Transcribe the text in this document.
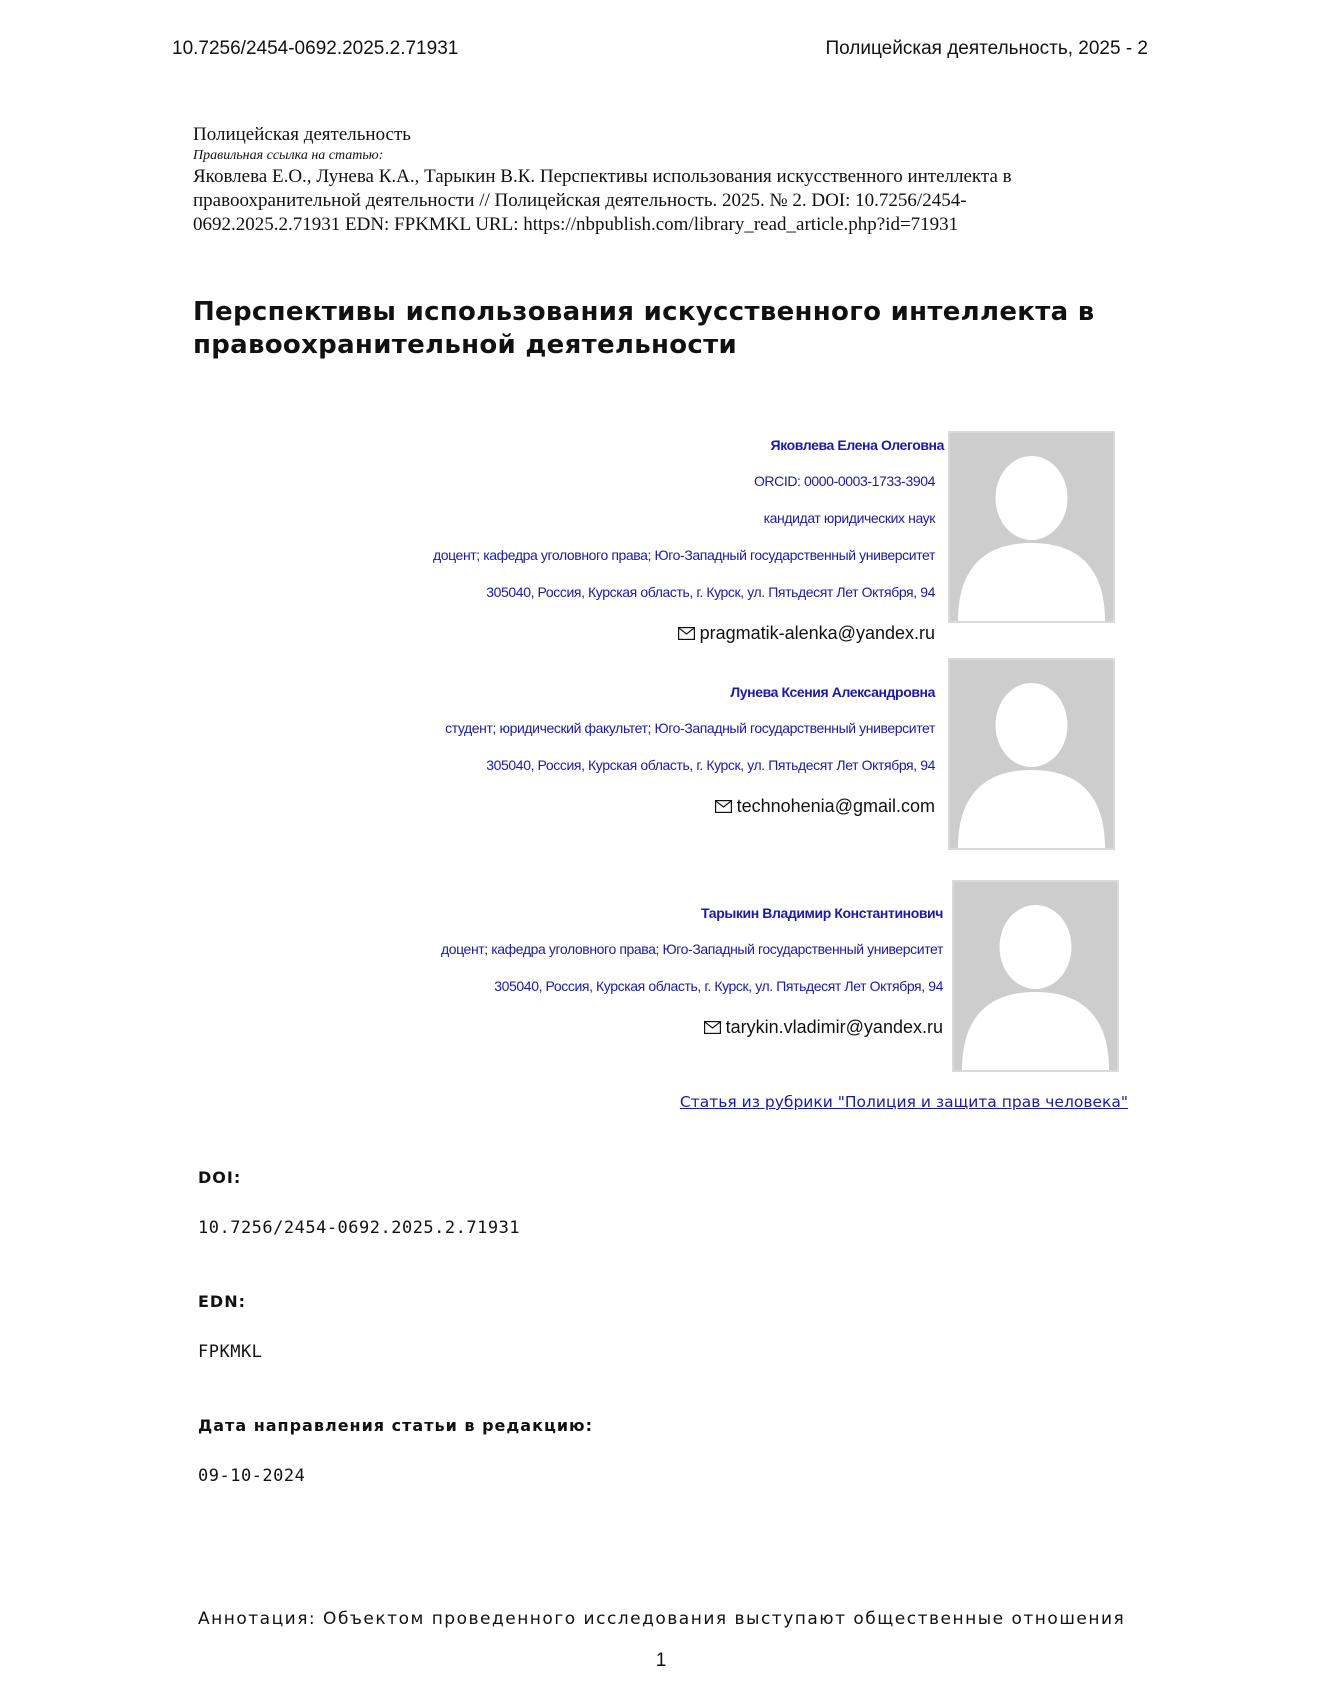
10.7256/2454-0692.2025.2.71931	Полицейская деятельность, 2025 - 2
Полицейская деятельность
Правильная ссылка на статью:
Яковлева Е.О., Лунева К.А., Тарыкин В.К. Перспективы использования искусственного интеллекта в правоохранительной деятельности // Полицейская деятельность. 2025. № 2. DOI: 10.7256/2454-0692.2025.2.71931 EDN: FPKMKL URL: https://nbpublish.com/library_read_article.php?id=71931
Перспективы использования искусственного интеллекта в правоохранительной деятельности
Яковлева Елена Олеговна
ORCID: 0000-0003-1733-3904
кандидат юридических наук
доцент; кафедра уголовного права; Юго-Западный государственный университет
305040, Россия, Курская область, г. Курск, ул. Пятьдесят Лет Октября, 94
pragmatik-alenka@yandex.ru
Лунева Ксения Александровна
студент; юридический факультет; Юго-Западный государственный университет
305040, Россия, Курская область, г. Курск, ул. Пятьдесят Лет Октября, 94
technohenia@gmail.com
Тарыкин Владимир Константинович
доцент; кафедра уголовного права; Юго-Западный государственный университет
305040, Россия, Курская область, г. Курск, ул. Пятьдесят Лет Октября, 94
tarykin.vladimir@yandex.ru
Статья из рубрики "Полиция и защита прав человека"
DOI:
10.7256/2454-0692.2025.2.71931
EDN:
FPKMKL
Дата направления статьи в редакцию:
09-10-2024
Аннотация: Объектом проведенного исследования выступают общественные отношения
1
